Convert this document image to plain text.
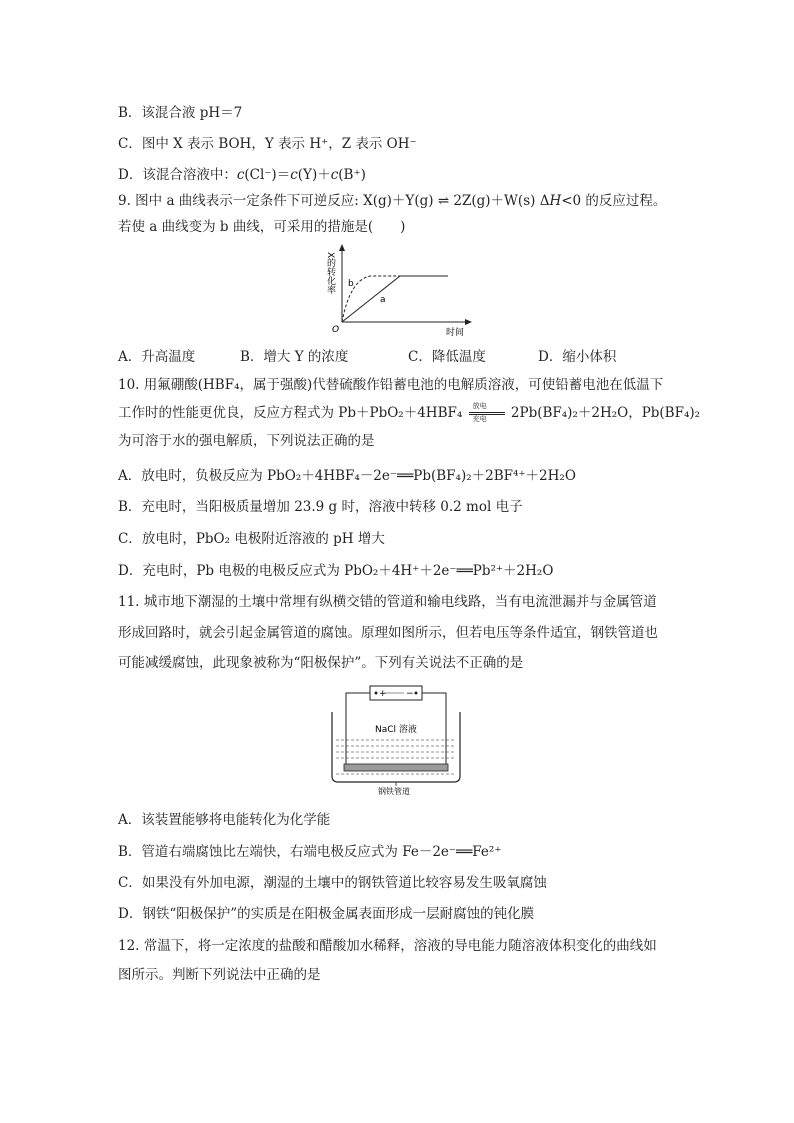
B．该混合液 pH＝7
C．图中 X 表示 BOH，Y 表示 H⁺，Z 表示 OH⁻
D．该混合溶液中：c(Cl⁻)＝c(Y)＋c(B⁺)
9. 图中 a 曲线表示一定条件下可逆反应: X(g)＋Y(g) ⇌ 2Z(g)＋W(s) ΔH<0 的反应过程。
若使 a 曲线变为 b 曲线，可采用的措施是(　　)
X的转化率
时间
O
a
b
A．升高温度	B．增大 Y 的浓度	C．降低温度	D．缩小体积
10. 用氟硼酸(HBF₄，属于强酸)代替硫酸作铅蓄电池的电解质溶液，可使铅蓄电池在低温下
工作时的性能更优良，反应方程式为 Pb＋PbO₂＋4HBF₄ 放电
充电 2Pb(BF₄)₂＋2H₂O，Pb(BF₄)₂
为可溶于水的强电解质，下列说法正确的是
A．放电时，负极反应为 PbO₂＋4HBF₄－2e⁻══Pb(BF₄)₂＋2BF⁴⁺＋2H₂O
B．充电时，当阳极质量增加 23.9 g 时，溶液中转移 0.2 mol 电子
C．放电时，PbO₂ 电极附近溶液的 pH 增大
D．充电时，Pb 电极的电极反应式为 PbO₂＋4H⁺＋2e⁻══Pb²⁺＋2H₂O
11. 城市地下潮湿的土壤中常埋有纵横交错的管道和输电线路，当有电流泄漏并与金属管道
形成回路时，就会引起金属管道的腐蚀。原理如图所示，但若电压等条件适宜，钢铁管道也
可能减缓腐蚀，此现象被称为“阳极保护”。下列有关说法不正确的是
+ −
NaCl 溶液
钢铁管道
A．该装置能够将电能转化为化学能
B．管道右端腐蚀比左端快，右端电极反应式为 Fe－2e⁻══Fe²⁺
C．如果没有外加电源，潮湿的土壤中的钢铁管道比较容易发生吸氧腐蚀
D．钢铁“阳极保护”的实质是在阳极金属表面形成一层耐腐蚀的钝化膜
12. 常温下，将一定浓度的盐酸和醋酸加水稀释，溶液的导电能力随溶液体积变化的曲线如
图所示。判断下列说法中正确的是
